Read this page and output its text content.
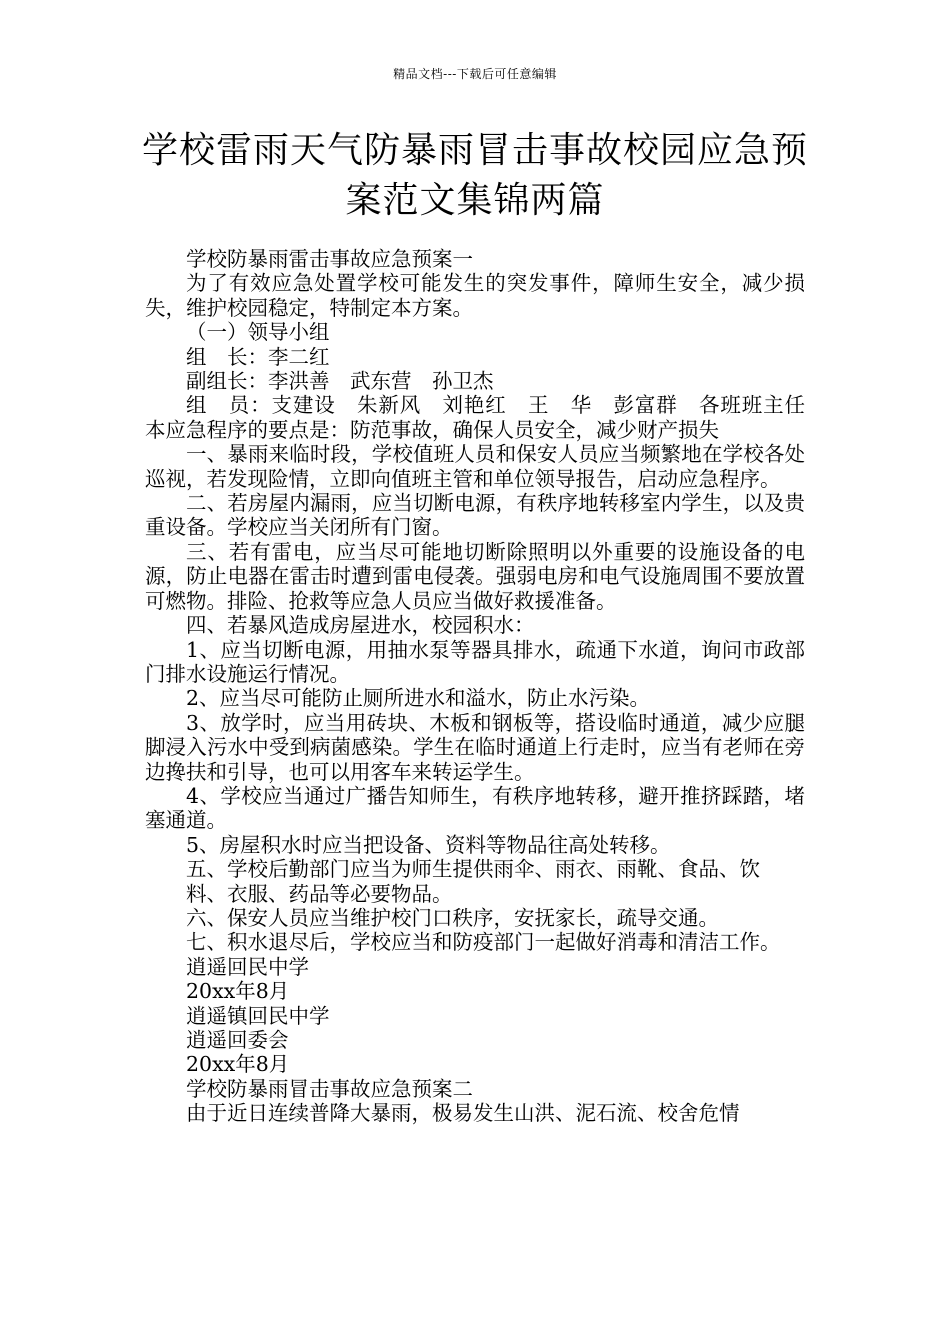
精品文档---下载后可任意编辑
学校雷雨天气防暴雨冒击事故校园应急预案范文集锦两篇

学校防暴雨雷击事故应急预案一

为了有效应急处置学校可能发生的突发事件，障师生安全，减少损失，维护校园稳定，特制定本方案。

（一）领导小组

组　长：李二红

副组长：李洪善　武东营　孙卫杰

组　员：支建设　朱新风　刘艳红　王　华　彭富群　各班班主任　本应急程序的要点是：防范事故，确保人员安全，减少财产损失

一、暴雨来临时段，学校值班人员和保安人员应当频繁地在学校各处巡视，若发现险情，立即向值班主管和单位领导报告，启动应急程序。

二、若房屋内漏雨，应当切断电源，有秩序地转移室内学生，以及贵重设备。学校应当关闭所有门窗。

三、若有雷电，应当尽可能地切断除照明以外重要的设施设备的电源，防止电器在雷击时遭到雷电侵袭。强弱电房和电气设施周围不要放置可燃物。排险、抢救等应急人员应当做好救援准备。

四、若暴风造成房屋进水，校园积水：

1、应当切断电源，用抽水泵等器具排水，疏通下水道，询问市政部门排水设施运行情况。

2、应当尽可能防止厕所进水和溢水，防止水污染。

3、放学时，应当用砖块、木板和钢板等，搭设临时通道，减少应腿脚浸入污水中受到病菌感染。学生在临时通道上行走时，应当有老师在旁边搀扶和引导，也可以用客车来转运学生。

4、学校应当通过广播告知师生，有秩序地转移，避开推挤踩踏，堵塞通道。

5、房屋积水时应当把设备、资料等物品往高处转移。

五、学校后勤部门应当为师生提供雨伞、雨衣、雨靴、食品、饮

料、衣服、药品等必要物品。

六、保安人员应当维护校门口秩序，安抚家长，疏导交通。

七、积水退尽后，学校应当和防疫部门一起做好消毒和清洁工作。

逍遥回民中学

20xx年8月

逍遥镇回民中学

逍遥回委会

20xx年8月

学校防暴雨冒击事故应急预案二

由于近日连续普降大暴雨，极易发生山洪、泥石流、校舍危情
